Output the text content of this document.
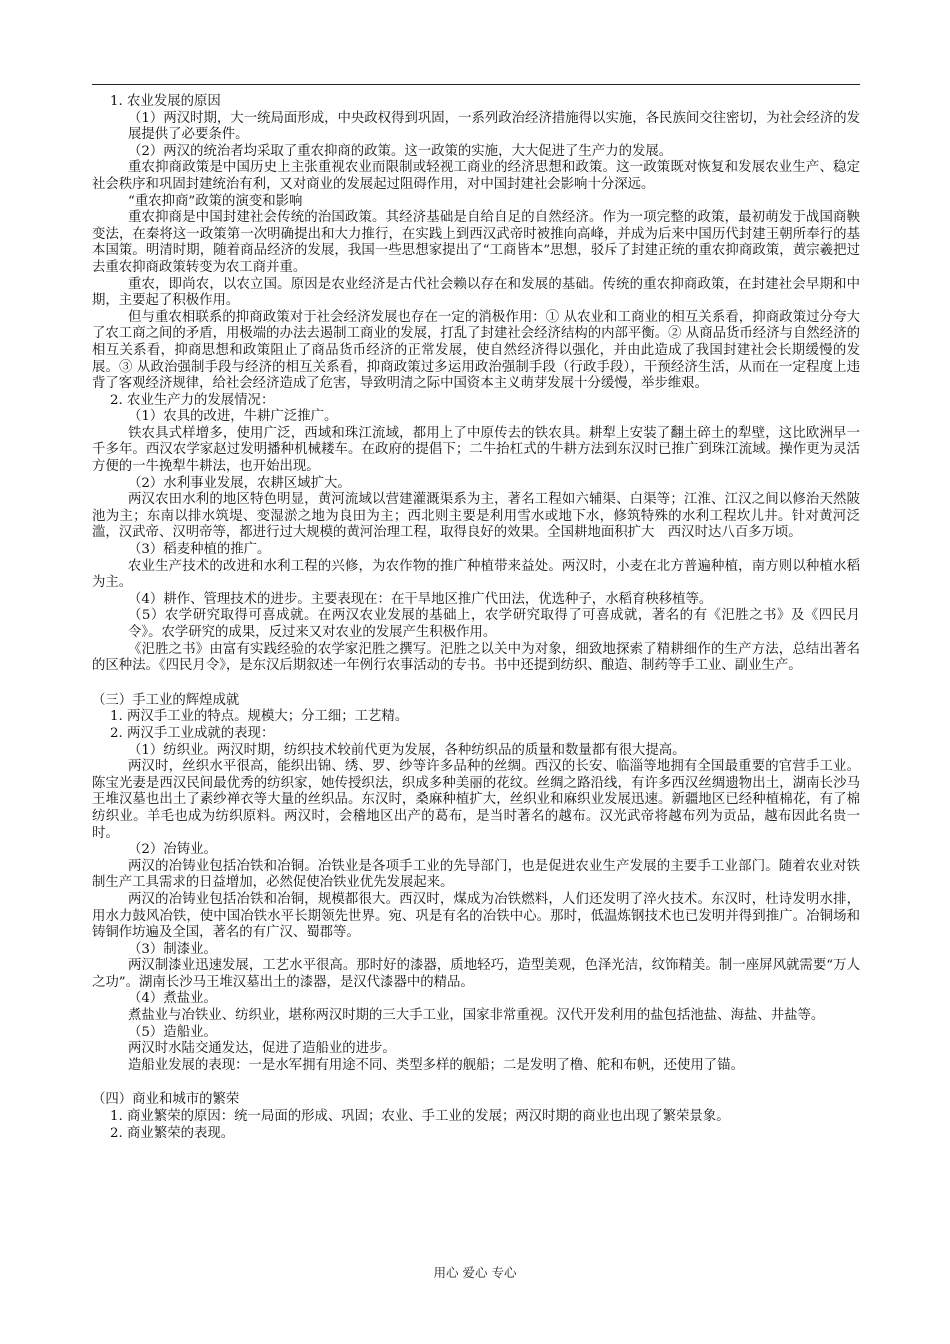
1. 农业发展的原因

（1）两汉时期，大一统局面形成，中央政权得到巩固，一系列政治经济措施得以实施，各民族间交往密切，为社会经济的发展提供了必要条件。

（2）两汉的统治者均采取了重农抑商的政策。这一政策的实施，大大促进了生产力的发展。

重农抑商政策是中国历史上主张重视农业而限制或轻视工商业的经济思想和政策。这一政策既对恢复和发展农业生产、稳定社会秩序和巩固封建统治有利，又对商业的发展起过阻碍作用，对中国封建社会影响十分深远。

“重农抑商”政策的演变和影响

重农抑商是中国封建社会传统的治国政策。其经济基础是自给自足的自然经济。作为一项完整的政策，最初萌发于战国商鞅变法，在秦将这一政策第一次明确提出和大力推行，在实践上到西汉武帝时被推向高峰，并成为后来中国历代封建王朝所奉行的基本国策。明清时期，随着商品经济的发展，我国一些思想家提出了“工商皆本”思想，驳斥了封建正统的重农抑商政策，黄宗羲把过去重农抑商政策转变为农工商并重。

重农，即尚农，以农立国。原因是农业经济是古代社会赖以存在和发展的基础。传统的重农抑商政策，在封建社会早期和中期，主要起了积极作用。

但与重农相联系的抑商政策对于社会经济发展也存在一定的消极作用：① 从农业和工商业的相互关系看，抑商政策过分夸大了农工商之间的矛盾，用极端的办法去遏制工商业的发展，打乱了封建社会经济结构的内部平衡。② 从商品货币经济与自然经济的相互关系看，抑商思想和政策阻止了商品货币经济的正常发展，使自然经济得以强化，并由此造成了我国封建社会长期缓慢的发展。③ 从政治强制手段与经济的相互关系看，抑商政策过多运用政治强制手段（行政手段），干预经济生活，从而在一定程度上违背了客观经济规律，给社会经济造成了危害，导致明清之际中国资本主义萌芽发展十分缓慢，举步维艰。

2. 农业生产力的发展情况：

（1）农具的改进，牛耕广泛推广。

铁农具式样增多，使用广泛，西域和珠江流域，都用上了中原传去的铁农具。耕犁上安装了翻土碎土的犁壁，这比欧洲早一千多年。西汉农学家赵过发明播种机械耧车。在政府的提倡下；二牛抬杠式的牛耕方法到东汉时已推广到珠江流域。操作更为灵活方便的一牛挽犁牛耕法，也开始出现。

（2）水利事业发展，农耕区域扩大。

两汉农田水利的地区特色明显，黄河流域以营建灌溉渠系为主，著名工程如六辅渠、白渠等；江淮、江汉之间以修治天然陂池为主；东南以排水筑堤、变湿淤之地为良田为主；西北则主要是利用雪水或地下水，修筑特殊的水利工程坎儿井。针对黄河泛滥，汉武帝、汉明帝等，都进行过大规模的黄河治理工程，取得良好的效果。全国耕地面积扩大　西汉时达八百多万顷。

（3）稻麦种植的推广。

农业生产技术的改进和水利工程的兴修，为农作物的推广种植带来益处。两汉时，小麦在北方普遍种植，南方则以种植水稻为主。

（4）耕作、管理技术的进步。主要表现在：在干旱地区推广代田法，优选种子，水稻育秧移植等。

（5）农学研究取得可喜成就。在两汉农业发展的基础上，农学研究取得了可喜成就，著名的有《汜胜之书》及《四民月令》。农学研究的成果，反过来又对农业的发展产生积极作用。

《汜胜之书》由富有实践经验的农学家汜胜之撰写。汜胜之以关中为对象，细致地探索了精耕细作的生产方法，总结出著名的区种法。《四民月令》，是东汉后期叙述一年例行农事活动的专书。书中还提到纺织、酿造、制药等手工业、副业生产。

（三）手工业的辉煌成就

1. 两汉手工业的特点。规模大；分工细；工艺精。

2. 两汉手工业成就的表现：

（1）纺织业。两汉时期，纺织技术较前代更为发展，各种纺织品的质量和数量都有很大提高。

两汉时，丝织水平很高，能织出锦、绣、罗、纱等许多品种的丝绸。西汉的长安、临淄等地拥有全国最重要的官营手工业。陈宝光妻是西汉民间最优秀的纺织家，她传授织法，织成多种美丽的花纹。丝绸之路沿线，有许多西汉丝绸遗物出土，湖南长沙马王堆汉墓也出土了素纱禅衣等大量的丝织品。东汉时，桑麻种植扩大，丝织业和麻织业发展迅速。新疆地区已经种植棉花，有了棉纺织业。羊毛也成为纺织原料。两汉时，会稽地区出产的葛布，是当时著名的越布。汉光武帝将越布列为贡品，越布因此名贵一时。

（2）冶铸业。

两汉的冶铸业包括冶铁和冶铜。冶铁业是各项手工业的先导部门，也是促进农业生产发展的主要手工业部门。随着农业对铁制生产工具需求的日益增加，必然促使冶铁业优先发展起来。

两汉的冶铸业包括冶铁和冶铜，规模都很大。西汉时，煤成为冶铁燃料，人们还发明了淬火技术。东汉时，杜诗发明水排，用水力鼓风冶铁，使中国冶铁水平长期领先世界。宛、巩是有名的冶铁中心。那时，低温炼钢技术也已发明并得到推广。冶铜场和铸铜作坊遍及全国，著名的有广汉、蜀郡等。

（3）制漆业。

两汉制漆业迅速发展，工艺水平很高。那时好的漆器，质地轻巧，造型美观，色泽光洁，纹饰精美。制一座屏风就需要“万人之功”。湖南长沙马王堆汉墓出土的漆器，是汉代漆器中的精品。

（4）煮盐业。

煮盐业与冶铁业、纺织业，堪称两汉时期的三大手工业，国家非常重视。汉代开发利用的盐包括池盐、海盐、井盐等。

（5）造船业。

两汉时水陆交通发达，促进了造船业的进步。

造船业发展的表现：一是水军拥有用途不同、类型多样的舰船；二是发明了橹、舵和布帆，还使用了锚。

（四）商业和城市的繁荣

1. 商业繁荣的原因：统一局面的形成、巩固；农业、手工业的发展；两汉时期的商业也出现了繁荣景象。

2. 商业繁荣的表现。

用心 爱心 专心
